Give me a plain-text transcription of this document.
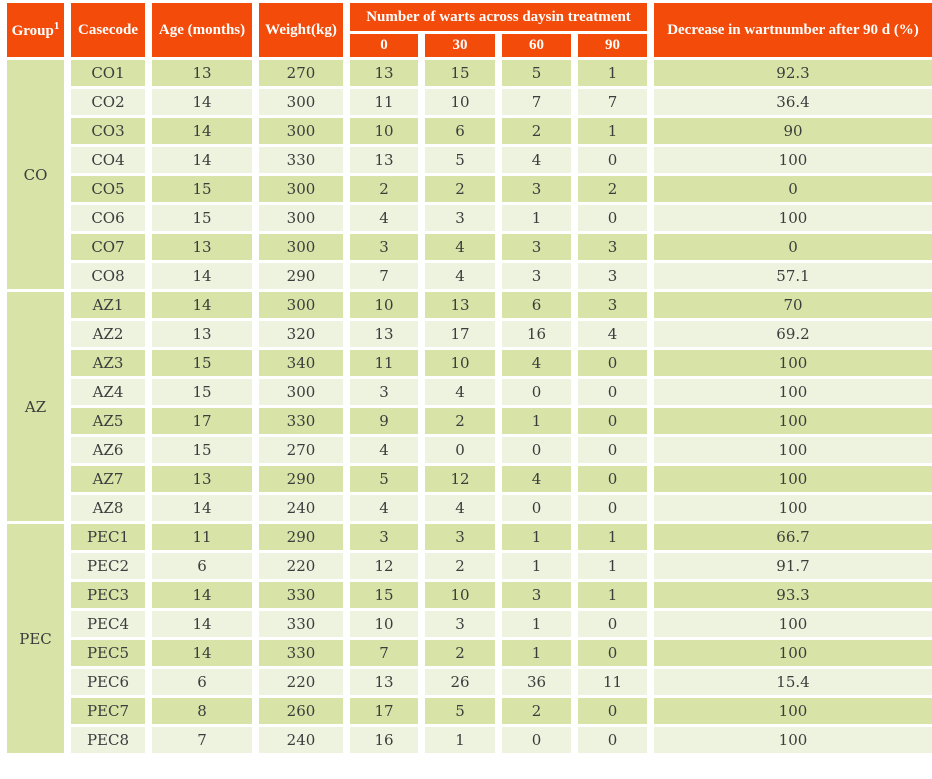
Group$^1$	Casecode	Age (months)	Weight(kg)	Number of warts across daysin treatment				Decrease in wartnumber after 90 d (%)
				0	30	60	90	
CO	CO1	13	270	13	15	5	1	92.3
	CO2	14	300	11	10	7	7	36.4
	CO3	14	300	10	6	2	1	90
	CO4	14	330	13	5	4	0	100
	CO5	15	300	2	2	3	2	0
	CO6	15	300	4	3	1	0	100
	CO7	13	300	3	4	3	3	0
	CO8	14	290	7	4	3	3	57.1
AZ	AZ1	14	300	10	13	6	3	70
	AZ2	13	320	13	17	16	4	69.2
	AZ3	15	340	11	10	4	0	100
	AZ4	15	300	3	4	0	0	100
	AZ5	17	330	9	2	1	0	100
	AZ6	15	270	4	0	0	0	100
	AZ7	13	290	5	12	4	0	100
	AZ8	14	240	4	4	0	0	100
PEC	PEC1	11	290	3	3	1	1	66.7
	PEC2	6	220	12	2	1	1	91.7
	PEC3	14	330	15	10	3	1	93.3
	PEC4	14	330	10	3	1	0	100
	PEC5	14	330	7	2	1	0	100
	PEC6	6	220	13	26	36	11	15.4
	PEC7	8	260	17	5	2	0	100
	PEC8	7	240	16	1	0	0	100
